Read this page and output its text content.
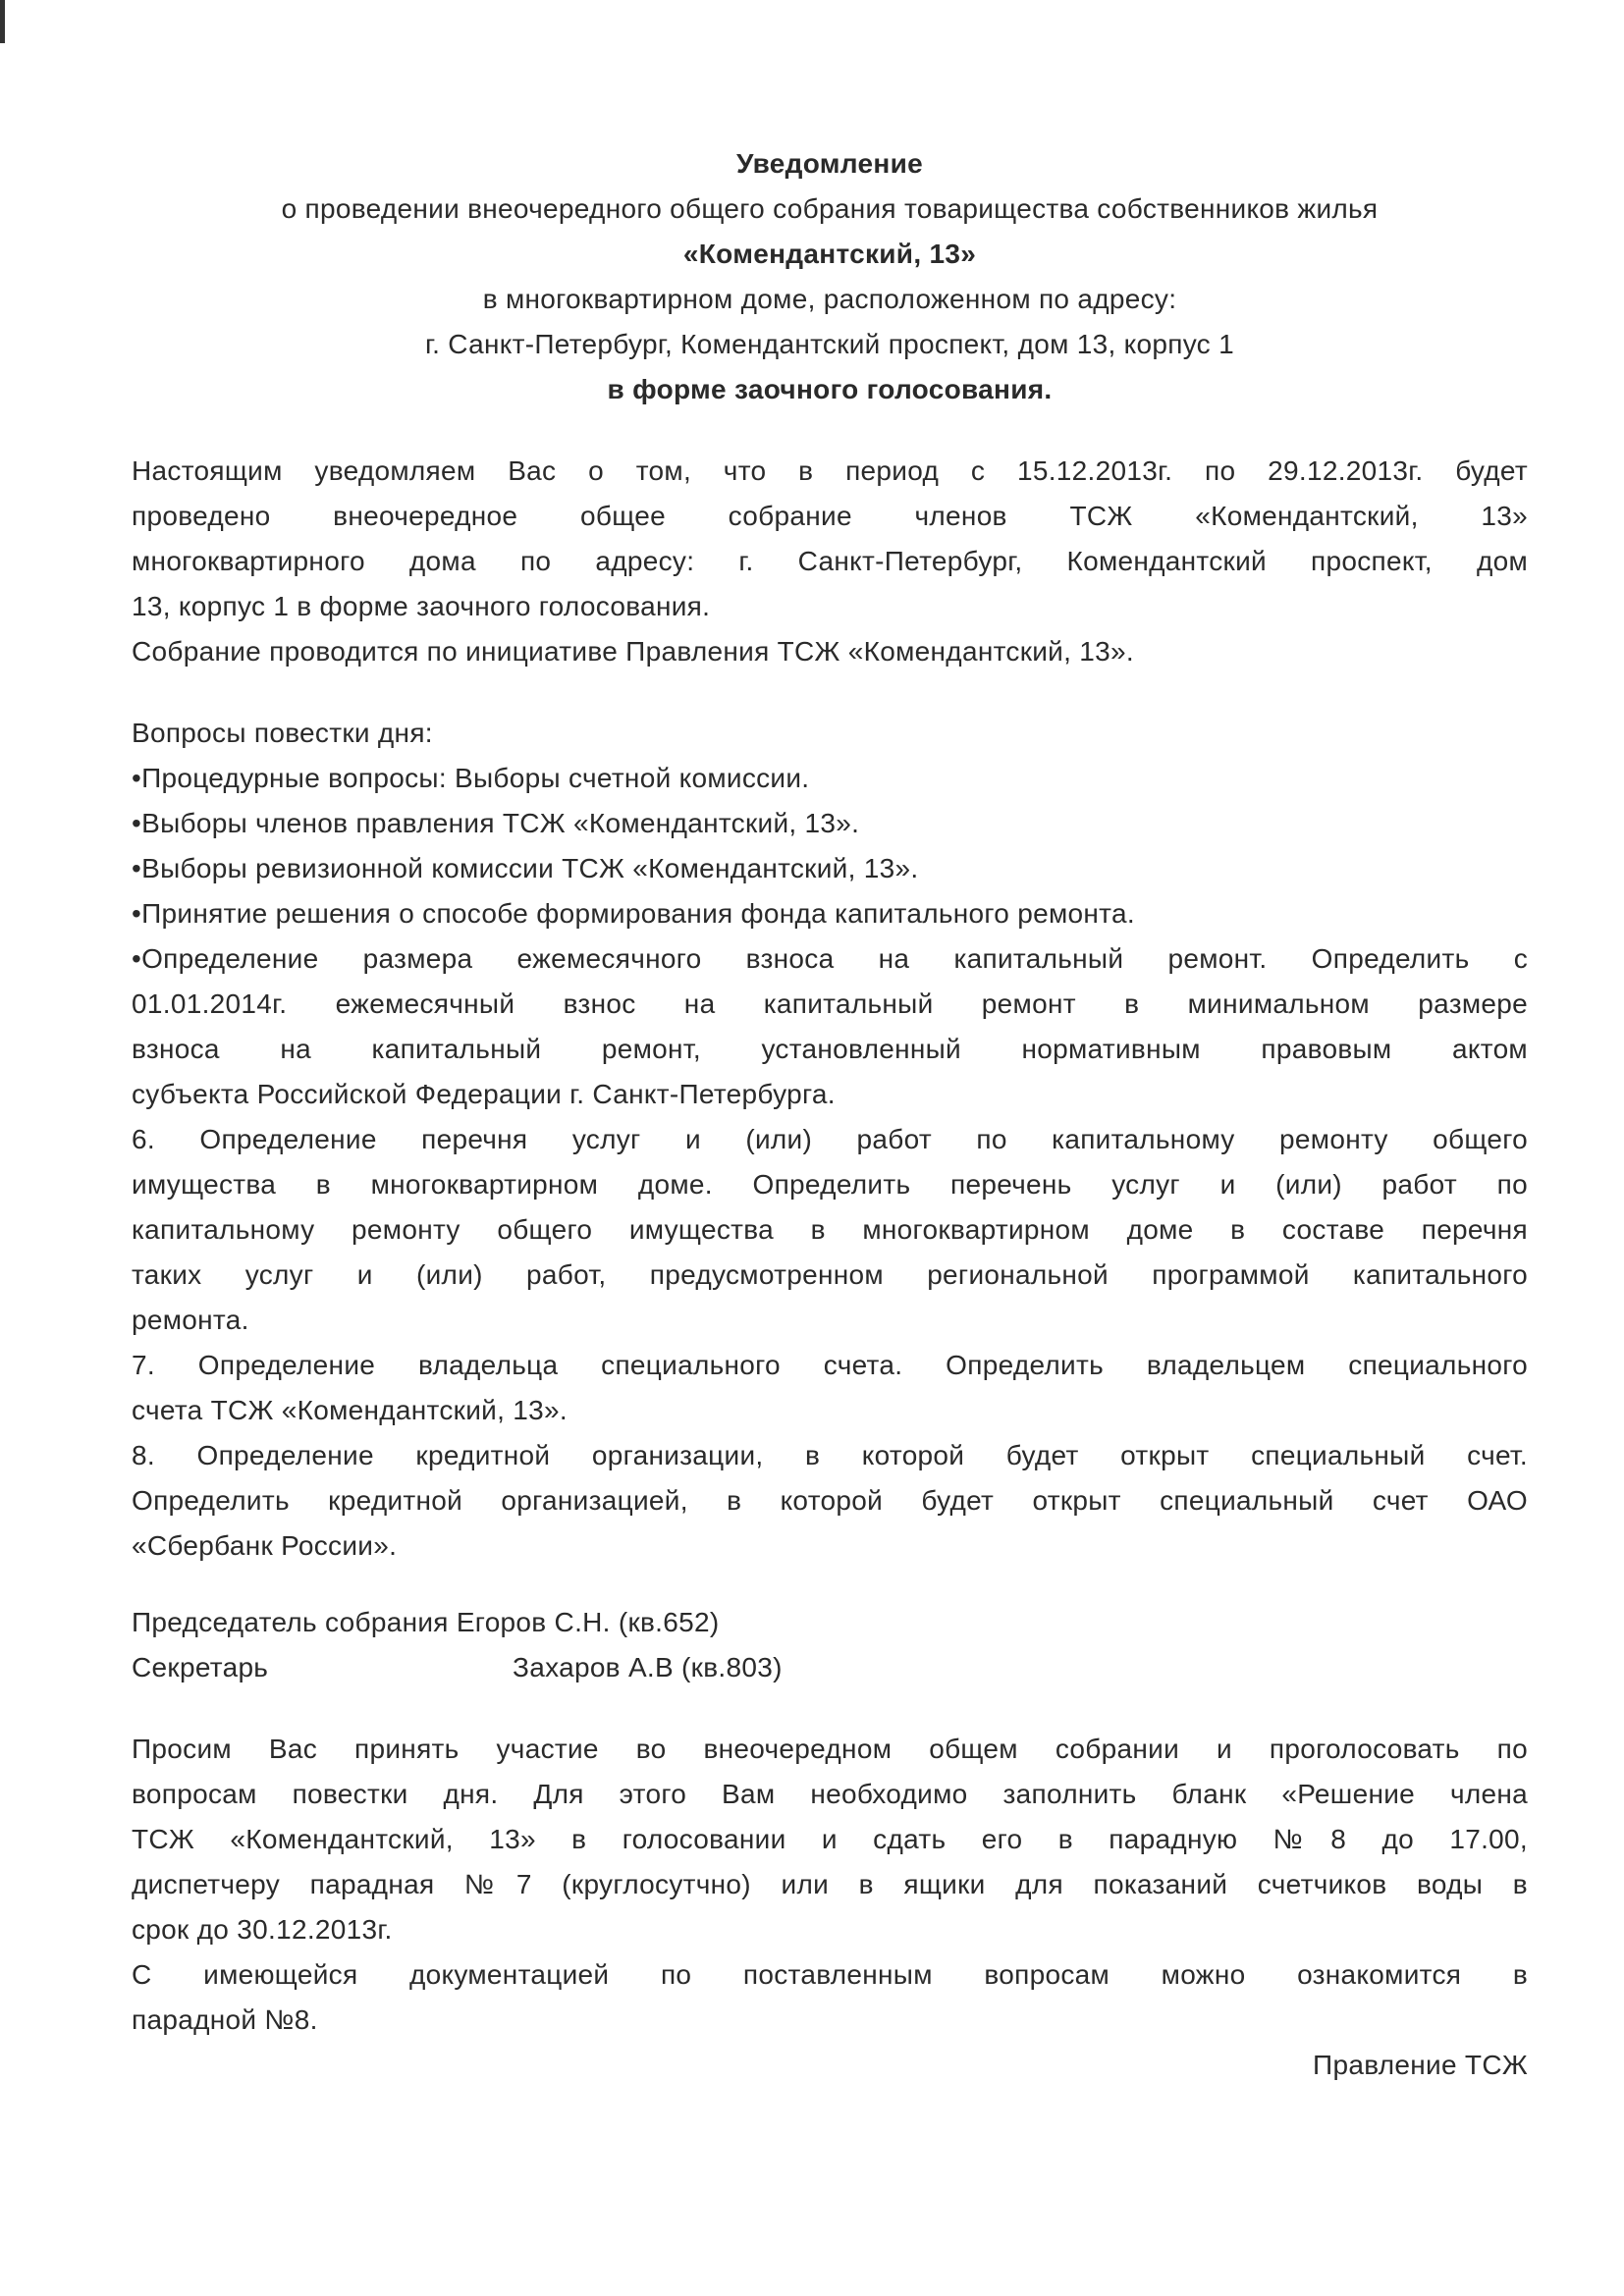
Уведомление
о проведении внеочередного общего собрания товарищества собственников жилья
«Комендантский, 13»
в многоквартирном доме, расположенном по адресу:
г. Санкт-Петербург, Комендантский проспект, дом 13, корпус 1
в форме заочного голосования.
Настоящим уведомляем Вас о том, что в период с 15.12.2013г. по 29.12.2013г. будет
проведено внеочередное общее собрание членов ТСЖ «Комендантский, 13»
многоквартирного дома по адресу: г. Санкт-Петербург, Комендантский проспект, дом
13, корпус 1 в форме заочного голосования.
Собрание проводится по инициативе Правления ТСЖ «Комендантский, 13».
Вопросы повестки дня:
•Процедурные вопросы: Выборы счетной комиссии.
•Выборы членов правления ТСЖ «Комендантский, 13».
•Выборы ревизионной комиссии ТСЖ «Комендантский, 13».
•Принятие решения о способе формирования фонда капитального ремонта.
•Определение размера ежемесячного взноса на капитальный ремонт. Определить с
01.01.2014г. ежемесячный взнос на капитальный ремонт в минимальном размере
взноса на капитальный ремонт, установленный нормативным правовым актом
субъекта Российской Федерации г. Санкт-Петербурга.
6. Определение перечня услуг и (или) работ по капитальному ремонту общего
имущества в многоквартирном доме. Определить перечень услуг и (или) работ по
капитальному ремонту общего имущества в многоквартирном доме в составе перечня
таких услуг и (или) работ, предусмотренном региональной программой капитального
ремонта.
7. Определение владельца специального счета. Определить владельцем специального
счета ТСЖ «Комендантский, 13».
8. Определение кредитной организации, в которой будет открыт специальный счет.
Определить кредитной организацией, в которой будет открыт специальный счет ОАО
«Сбербанк России».
Председатель собрания Егоров С.Н. (кв.652)
Секретарь	Захаров А.В (кв.803)
Просим Вас принять участие во внеочередном общем собрании и проголосовать по
вопросам повестки дня. Для этого Вам необходимо заполнить бланк «Решение члена
ТСЖ «Комендантский, 13» в голосовании и сдать его в парадную №8 до 17.00,
диспетчеру парадная №7 (круглосутчно) или в ящики для показаний счетчиков воды в
срок до 30.12.2013г.
С имеющейся документацией по поставленным вопросам можно ознакомится в
парадной №8.
Правление ТСЖ
